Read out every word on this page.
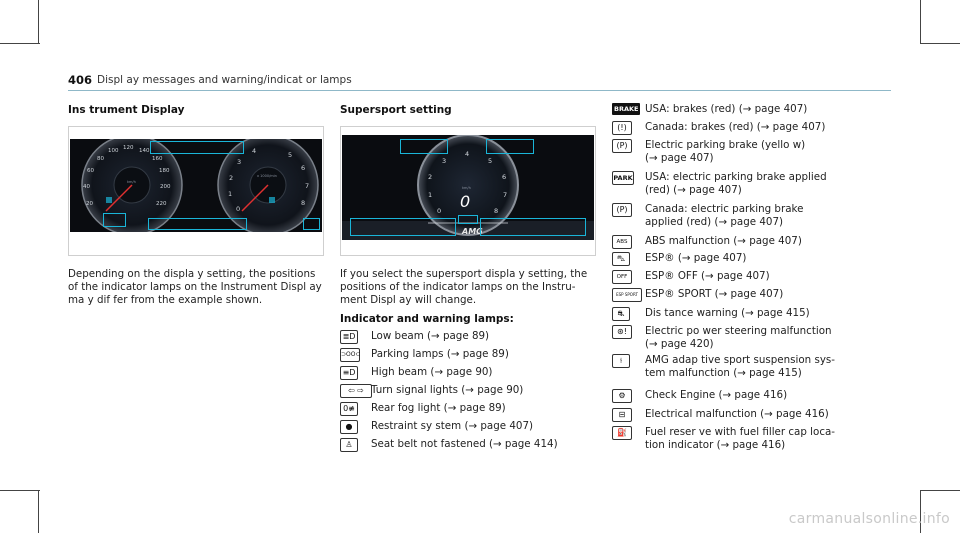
406 Displ ay messages and warning/indicat or lamps
Ins trument Display
20
40
60
80
100 120 140
160
180
200
220
km/h
0
1
2
3
4	5
6
7
8
x 1000/min
Depending on the displa y setting, the positions
of the indicator lamps on the Instrument Displ ay
ma y dif fer from the example shown.
Supersport setting
0
1
2
3
4
5
6
7
8
km/h
0
AMG
If you select the supersport displa y setting, the
positions of the indicator lamps on the Instru‐
ment Displ ay will change.
Indicator and warning lamps:
≣D Low beam (→ page 89)
⊃OO⊂ Parking lamps (→ page 89)
≡D High beam (→ page 90)
⇦ ⇨ Turn signal lights (→ page 90)
0≢	Rear fog light (→ page 89)
●	Restraint sy stem (→ page 407)
♙	Seat belt not fastened (→ page 414)
BRAKE USA: brakes (red) (→ page 407)
(!)	Canada: brakes (red) (→ page 407)
(P)	Electric parking brake (yello w)
(→ page 407)
PARK USA: electric parking brake applied
(red) (→ page 407)
(P)	Canada: electric parking brake
applied (red) (→ page 407)
ABS	ABS malfunction (→ page 407)
⛍	ESP® (→ page 407)
OFF	ESP® OFF (→ page 407)
ESP SPORT ESP® SPORT (→ page 407)
⛐	Dis tance warning (→ page 415)
⊛!	Electric po wer steering malfunction
(→ page 420)
⫮	AMG adap tive sport suspension sys‐
tem malfunction (→ page 415)
⚙	Check Engine (→ page 416)
⊟	Electrical malfunction (→ page 416)
⛽	Fuel reser ve with fuel filler cap loca‐
tion indicator (→ page 416)
carmanualsonline.info
